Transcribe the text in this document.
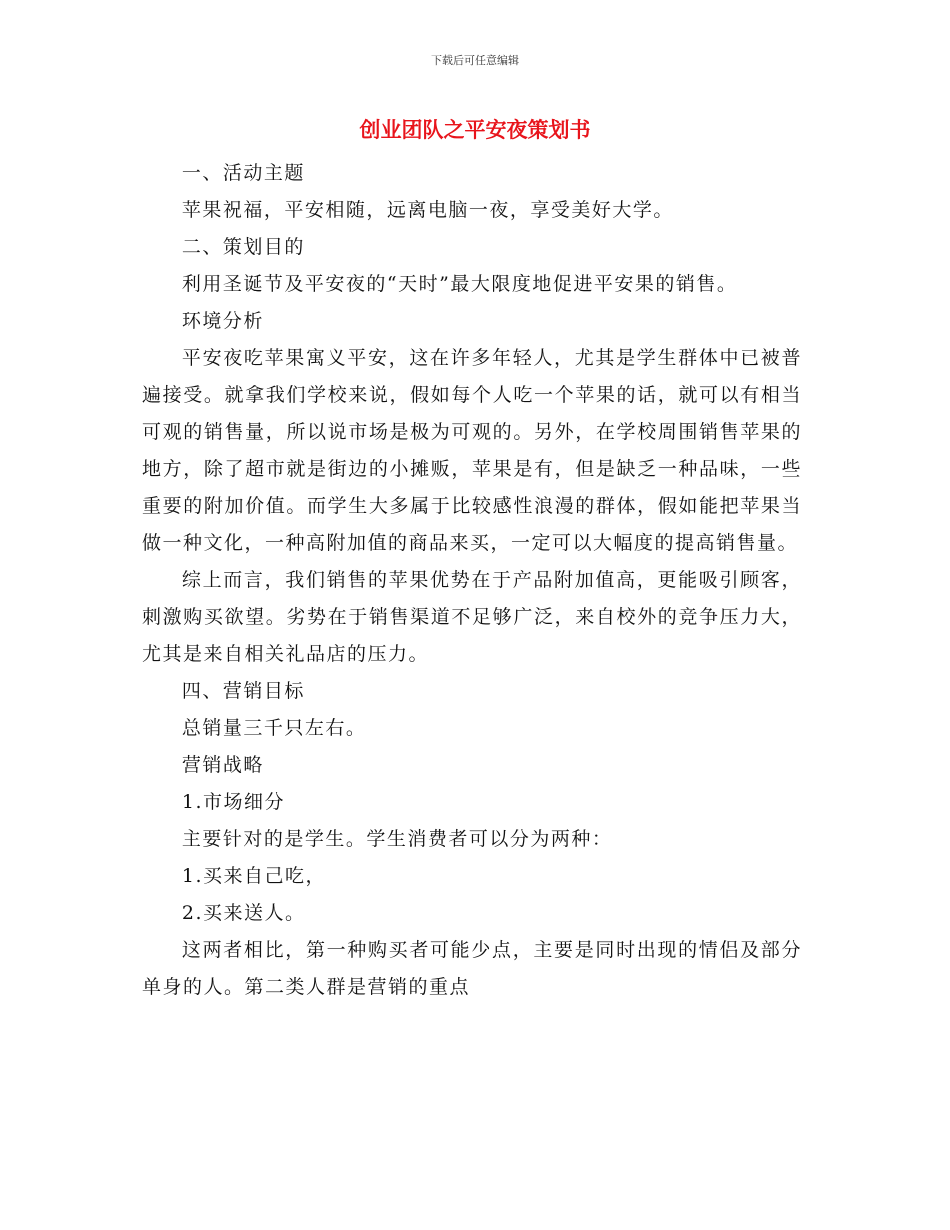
下载后可任意编辑
创业团队之平安夜策划书

一、活动主题

苹果祝福，平安相随，远离电脑一夜，享受美好大学。

二、策划目的

利用圣诞节及平安夜的“天时”最大限度地促进平安果的销售。

环境分析

平安夜吃苹果寓义平安，这在许多年轻人，尤其是学生群体中已被普遍接受。就拿我们学校来说，假如每个人吃一个苹果的话，就可以有相当可观的销售量，所以说市场是极为可观的。另外，在学校周围销售苹果的地方，除了超市就是街边的小摊贩，苹果是有，但是缺乏一种品味，一些重要的附加价值。而学生大多属于比较感性浪漫的群体，假如能把苹果当做一种文化，一种高附加值的商品来买，一定可以大幅度的提高销售量。

综上而言，我们销售的苹果优势在于产品附加值高，更能吸引顾客，刺激购买欲望。劣势在于销售渠道不足够广泛，来自校外的竞争压力大，尤其是来自相关礼品店的压力。

四、营销目标

总销量三千只左右。

营销战略

1.市场细分

主要针对的是学生。学生消费者可以分为两种：

1.买来自己吃，

2.买来送人。

这两者相比，第一种购买者可能少点，主要是同时出现的情侣及部分单身的人。第二类人群是营销的重点
